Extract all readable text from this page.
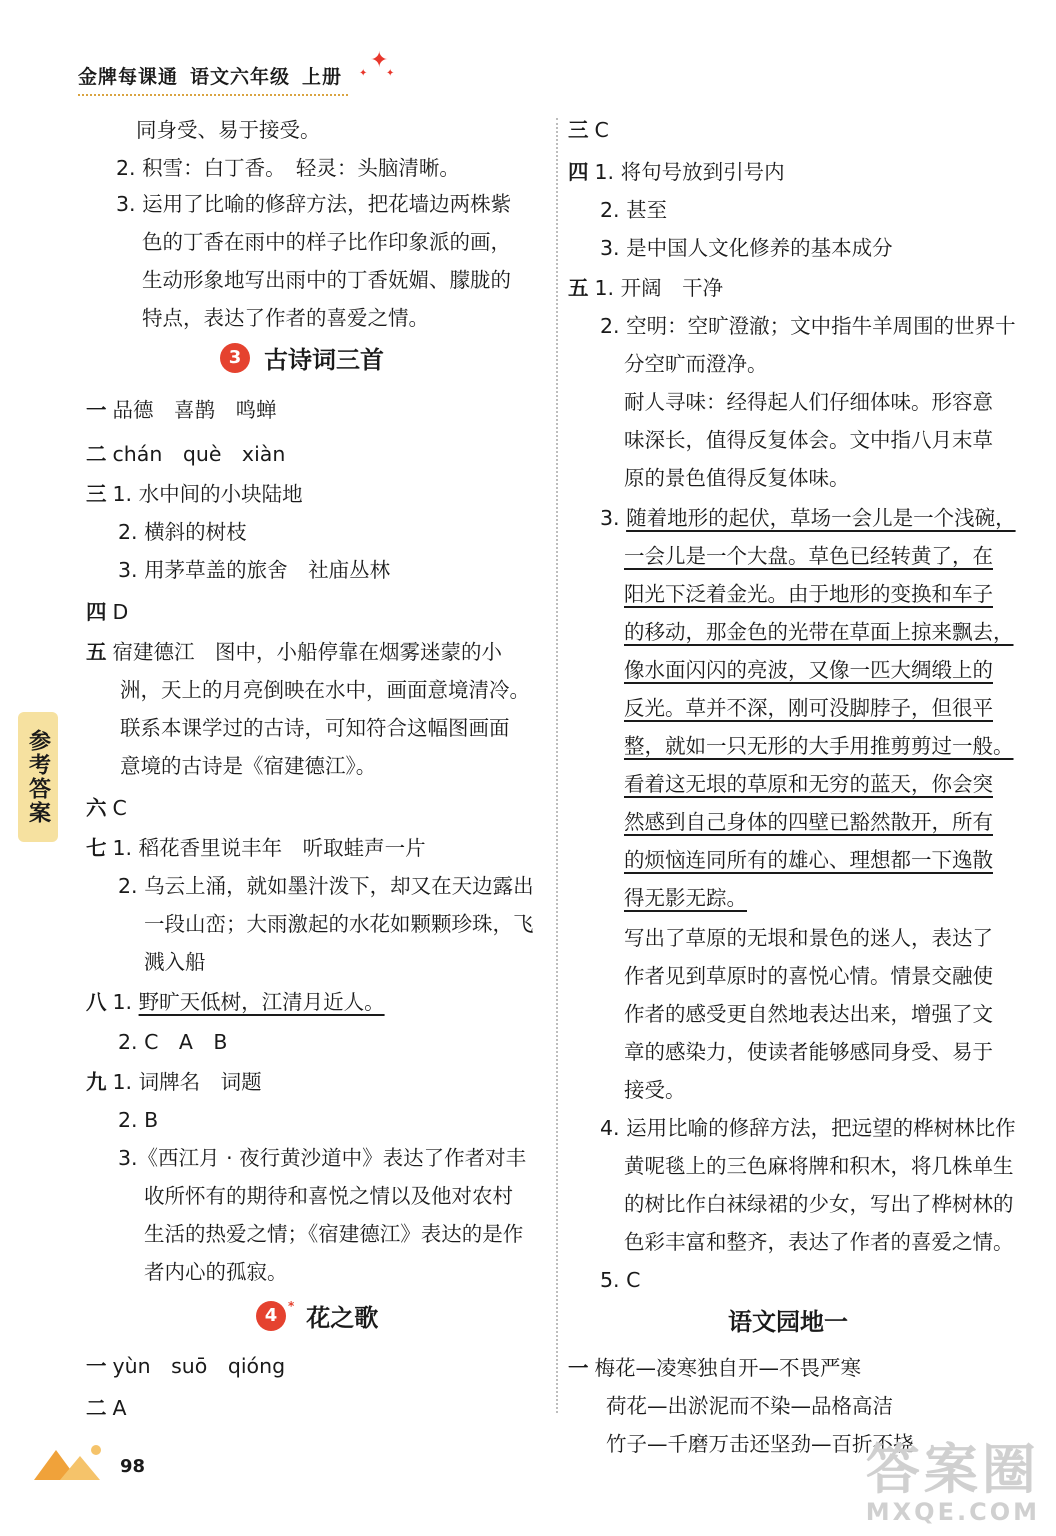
金牌每课通 语文六年级 上册
✦
✦ ✦
参考答案
同身受、易于接受。
2. 积雪：白丁香。　轻灵：头脑清晰。
3. 运用了比喻的修辞方法，把花墙边两株紫
色的丁香在雨中的样子比作印象派的画，
生动形象地写出雨中的丁香妩媚、朦胧的
特点，表达了作者的喜爱之情。
3 古诗词三首
一 品德　喜鹊　鸣蝉
二 chán　què　xiàn
三 1. 水中间的小块陆地
2. 横斜的树枝
3. 用茅草盖的旅舍　社庙丛林
四 D
五 宿建德江　图中，小船停靠在烟雾迷蒙的小
洲，天上的月亮倒映在水中，画面意境清冷。
联系本课学过的古诗，可知符合这幅图画面
意境的古诗是《宿建德江》。
六 C
七 1. 稻花香里说丰年　听取蛙声一片
2. 乌云上涌，就如墨汁泼下，却又在天边露出
一段山峦；大雨激起的水花如颗颗珍珠，飞
溅入船
八 1. 野旷天低树，江清月近人。
2. C　A　B
九 1. 词牌名　词题
2. B
3.《西江月 · 夜行黄沙道中》表达了作者对丰
收所怀有的期待和喜悦之情以及他对农村
生活的热爱之情；《宿建德江》表达的是作
者内心的孤寂。
4 * 花之歌
一 yùn　suō　qióng
二 A
三 C
四 1. 将句号放到引号内
2. 甚至
3. 是中国人文化修养的基本成分
五 1. 开阔　干净
2. 空明：空旷澄澈；文中指牛羊周围的世界十
分空旷而澄净。
耐人寻味：经得起人们仔细体味。形容意
味深长，值得反复体会。文中指八月末草
原的景色值得反复体味。
3. 随着地形的起伏，草场一会儿是一个浅碗，
一会儿是一个大盘。草色已经转黄了，在
阳光下泛着金光。由于地形的变换和车子
的移动，那金色的光带在草面上掠来飘去，
像水面闪闪的亮波，又像一匹大绸缎上的
反光。草并不深，刚可没脚脖子，但很平
整，就如一只无形的大手用推剪剪过一般。
看着这无垠的草原和无穷的蓝天，你会突
然感到自己身体的四壁已豁然散开，所有
的烦恼连同所有的雄心、理想都一下逸散
得无影无踪。
写出了草原的无垠和景色的迷人，表达了
作者见到草原时的喜悦心情。情景交融使
作者的感受更自然地表达出来，增强了文
章的感染力，使读者能够感同身受、易于
接受。
4. 运用比喻的修辞方法，把远望的桦树林比作
黄呢毯上的三色麻将牌和积木，将几株单生
的树比作白袜绿裙的少女，写出了桦树林的
色彩丰富和整齐，表达了作者的喜爱之情。
5. C
语文园地一
一 梅花—凌寒独自开—不畏严寒
荷花—出淤泥而不染—品格高洁
竹子—千磨万击还坚劲—百折不挠
98	答案圈
MXQE.COM
